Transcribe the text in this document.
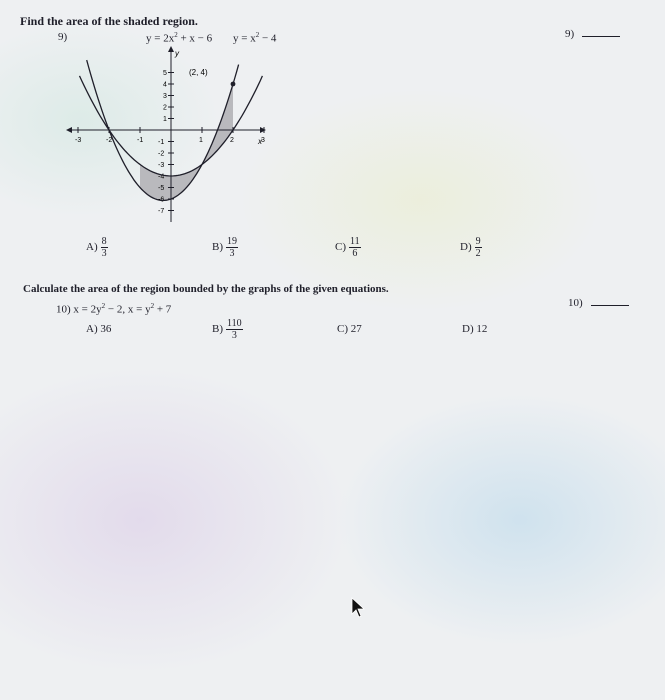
Find the area of the shaded region.
9)	9)
$y = 2x^2 + x - 6$ $y = x^2 - 4$
-3	-2	-1	1	2	3
5
4
3
2
1
-1
-2
-3
-4
-5
-6
-7
(2, 4)
x
y
$A) \frac{8}{3}$	$B) \frac{19}{3}$	$C) \frac{11}{6}$	$D) \frac{9}{2}$
Calculate the area of the region bounded by the graphs of the given equations.
10)
10) $x = 2y^2 - 2$, $x = y^2 + 7$
A) 36	$B) \frac{110}{3}$	C) 27	D) 12
